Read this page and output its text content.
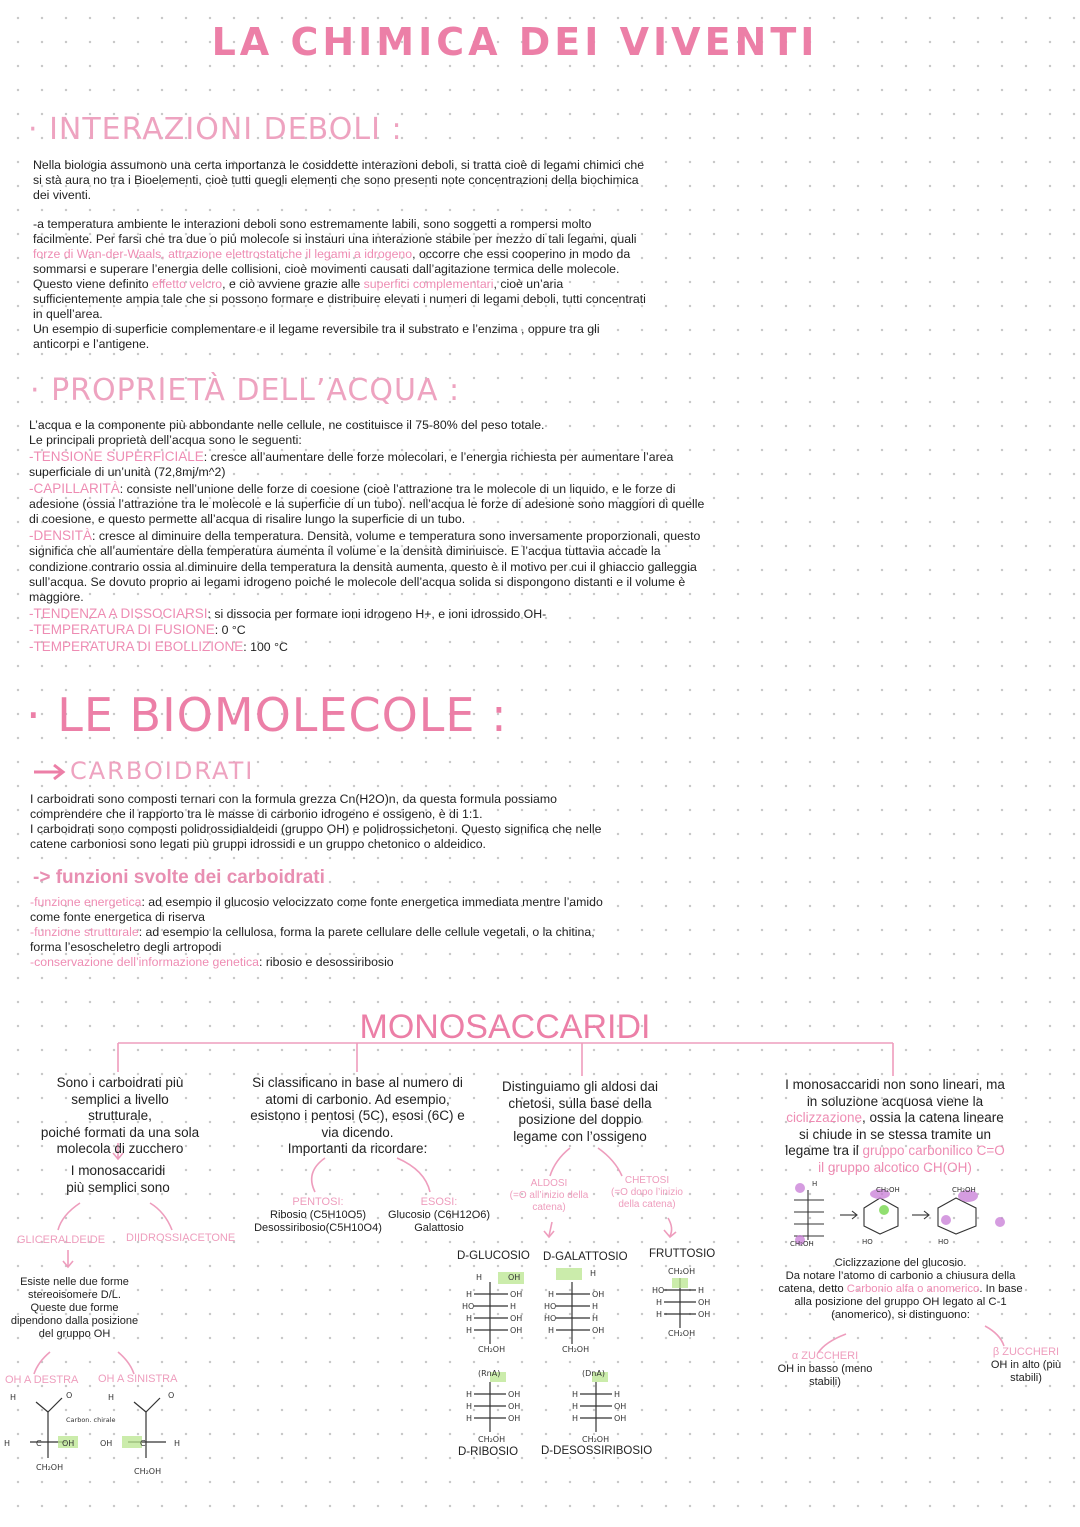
LA CHIMICA DEI VIVENTI
· INTERAZIONI DEBOLI :
Nella biologia assumono una certa importanza le cosiddette interazioni deboli, si tratta cioè di legami chimici che
si stà aura no tra i Bioelementi, cioè tutti quegli elementi che sono presenti note concentrazioni della biochimica
dei viventi.
-a temperatura ambiente le interazioni deboli sono estremamente labili, sono soggetti a rompersi molto
facilmente. Per farsi che tra due o più molecole si instauri una interazione stabile per mezzo di tali legami, quali
forze di Wan-der-Waals, attrazione elettrostatiche il legami a idrogeno, occorre che essi cooperino in modo da
sommarsi e superare l’energia delle collisioni, cioè movimenti causati dall’agitazione termica delle molecole.
Questo viene definito effetto velcro, e ciò avviene grazie alle superfici complementari, cioè un’aria
sufficientemente ampia tale che si possono formare e distribuire elevati i numeri di legami deboli, tutti concentrati
in quell’area.
Un esempio di superficie complementare e il legame reversibile tra il substrato e l’enzima , oppure tra gli
anticorpi e l’antigene.
· PROPRIETÀ DELL’ACQUA :
L’acqua e la componente più abbondante nelle cellule, ne costituisce il 75-80% del peso totale.
Le principali proprietà dell’acqua sono le seguenti:
-TENSIONE SUPERFICIALE: cresce all’aumentare delle forze molecolari, e l’energia richiesta per aumentare l’area
superficiale di un’unità (72,8mj/m^2)
-CAPILLARITÀ: consiste nell’unione delle forze di coesione (cioè l’attrazione tra le molecole di un liquido, e le forze di
adesione (ossia l’attrazione tra le molecole e la superficie di un tubo). nell’acqua le forze di adesione sono maggiori di quelle
di coesione, e questo permette all’acqua di risalire lungo la superficie di un tubo.
-DENSITÀ: cresce al diminuire della temperatura. Densità, volume e temperatura sono inversamente proporzionali, questo
significa che all’aumentare della temperatura aumenta il volume e la densità diminuisce. E l’acqua tuttavia accade la
condizione contrario ossia al diminuire della temperatura la densità aumenta, questo è il motivo per cui il ghiaccio galleggia
sull’acqua. Se dovuto proprio ai legami idrogeno poiché le molecole dell’acqua solida si dispongono distanti e il volume è
maggiore.
-TENDENZA A DISSOCIARSI: si dissocia per formare ioni idrogeno H+, e ioni idrossido OH-
-TEMPERATURA DI FUSIONE: 0 °C
-TEMPERATURA DI EBOLLIZIONE: 100 °C
· LE BIOMOLECOLE :
CARBOIDRATI
I carboidrati sono composti ternari con la formula grezza Cn(H2O)n, da questa formula possiamo
comprendere che il rapporto tra le masse di carbonio idrogeno e ossigeno, è di 1:1.
I carboidrati sono composti polidrossidialdeidi (gruppo OH) e polidrossichetoni. Questo significa che nelle
catene carboniosi sono legati più gruppi idrossidi e un gruppo chetonico o aldeidico.
-> funzioni svolte dei carboidrati
-funzione energetica: ad esempio il glucosio velocizzato come fonte energetica immediata mentre l’amido
come fonte energetica di riserva
-funzione strutturale: ad esempio la cellulosa, forma la parete cellulare delle cellule vegetali, o la chitina,
forma l’esoscheletro degli artropodi
-conservazione dell’informazione genetica: ribosio e desossiribosio
MONOSACCARIDI
H	O
H	C	OH
CH₂OH
Carbon. chirale
H	O
OH	C	H
CH₂OH
H	OH
H	OH
HO	H
H	OH
H	OH
CH₂OH
H
H	OH
HO	H
HO	H
H	OH
CH₂OH
CH₂OH
HO	H
H	OH
H	OH
CH₂OH
(RnA)
H	OH
H	OH
H	OH
CH₂OH
(DnA)
H	H
H	OH
H	OH
CH₂OH
H
CH₂OH
CH₂OH	CH₂OH
HO	HO
Sono i carboidrati più
semplici a livello strutturale,
poiché formati da una sola
molecola di zucchero
I monosaccaridi
più semplici sono
GLICERALDEIDE DIIDROSSIACETONE
Esiste nelle due forme
stereoisomere D/L.
Queste due forme
dipendono dalla posizione
del gruppo OH
OH A DESTRA OH A SINISTRA
Si classificano in base al numero di
atomi di carbonio. Ad esempio,
esistono i pentosi (5C), esosi (6C) e
via dicendo.
Importanti da ricordare:
PENTOSI:
Ribosio (C5H10O5)
Desossiribosio(C5H10O4)
ESOSI:
Glucosio (C6H12O6)
Galattosio
Distinguiamo gli aldosi dai
chetosi, sulla base della
posizione del doppio
legame con l’ossigeno
ALDOSI
(=O all’inizio della
catena)
CHETOSI
(=O dopo l’inizio
della catena)
D-GLUCOSIO D-GALATTOSIO FRUTTOSIO
D-RIBOSIO D-DESOSSIRIBOSIO
I monosaccaridi non sono lineari, ma
in soluzione acquosa viene la
ciclizzazione, ossia la catena lineare
si chiude in se stessa tramite un
legame tra il gruppo carbonilico C=O
il gruppo alcotico CH(OH)
Ciclizzazione del glucosio.
Da notare l’atomo di carbonio a chiusura della
catena, detto Carbonio alfa o anomerico. In base
alla posizione del gruppo OH legato al C-1
(anomerico), si distinguono:
α ZUCCHERI
OH in basso (meno
stabili)
β ZUCCHERI
OH in alto (più
stabili)
